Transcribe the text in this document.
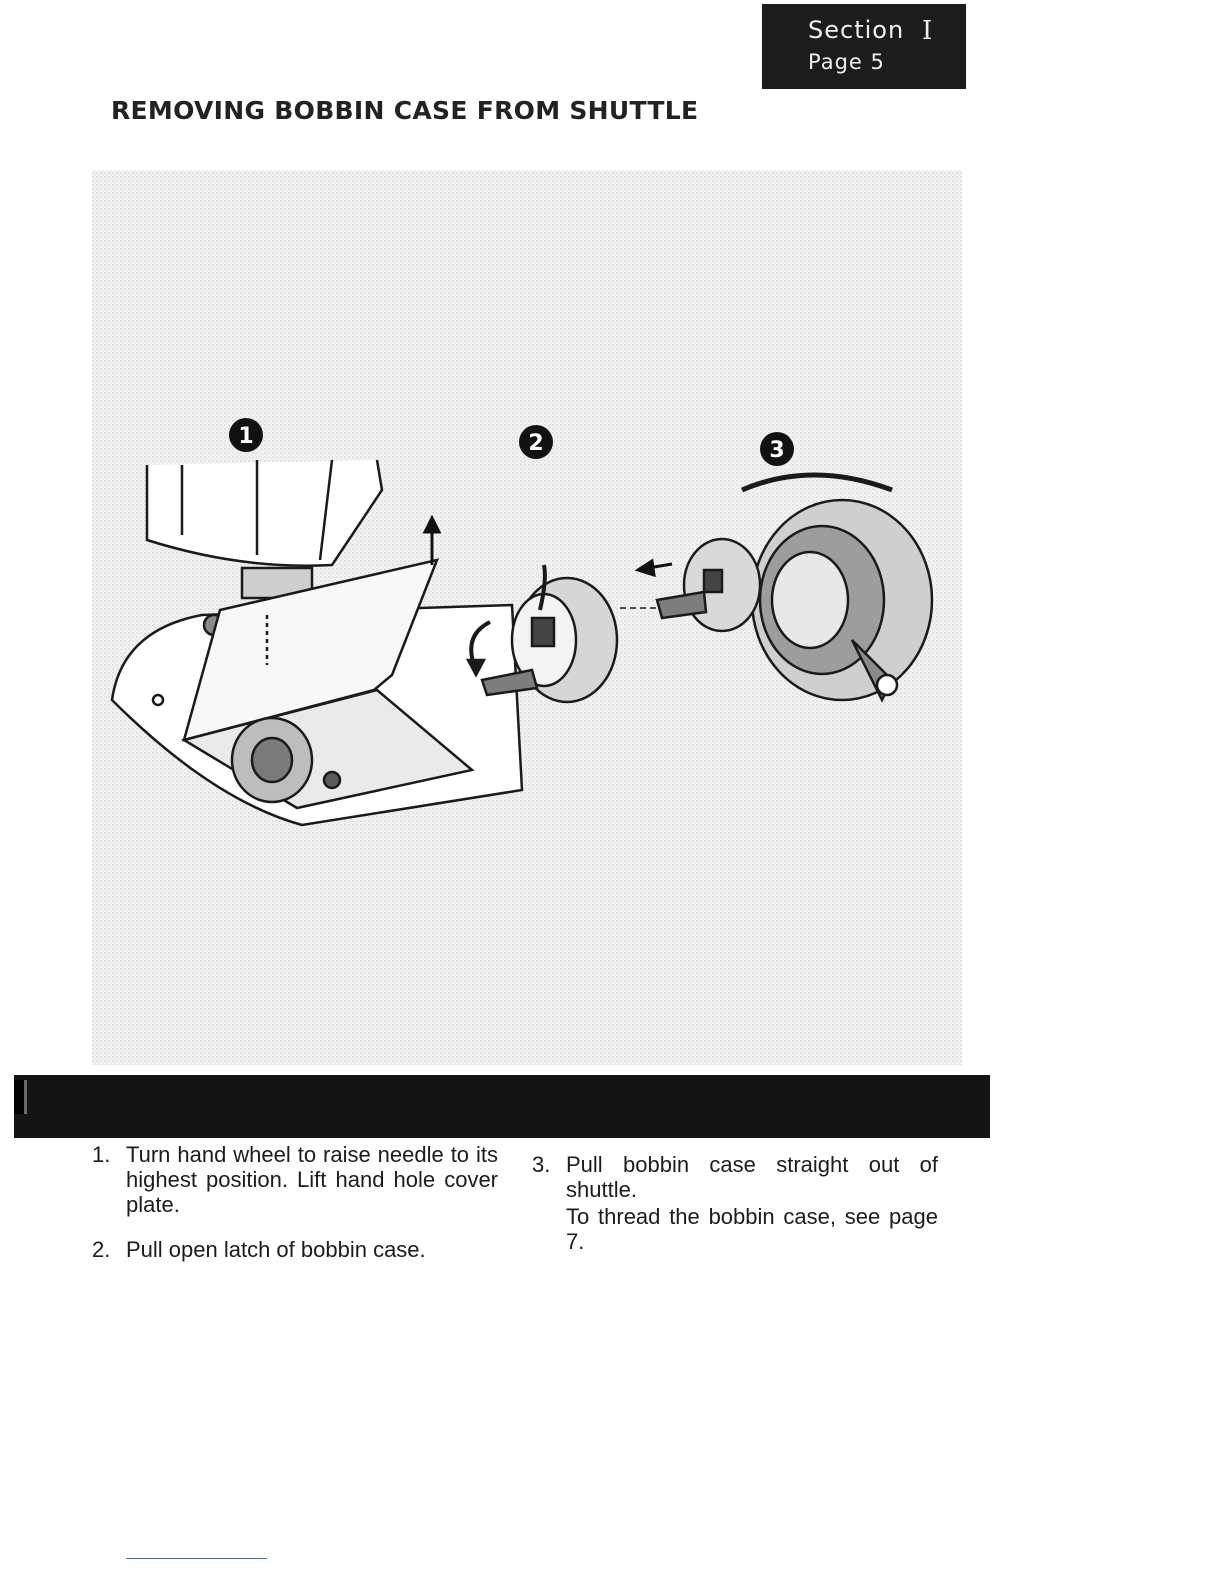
Section I
Page 5
REMOVING BOBBIN CASE FROM SHUTTLE
1	2	3
1. Turn hand wheel to raise needle to its highest position. Lift hand hole cover plate.
2. Pull open latch of bobbin case.
3. Pull bobbin case straight out of shuttle.
To thread the bobbin case, see page 7.
